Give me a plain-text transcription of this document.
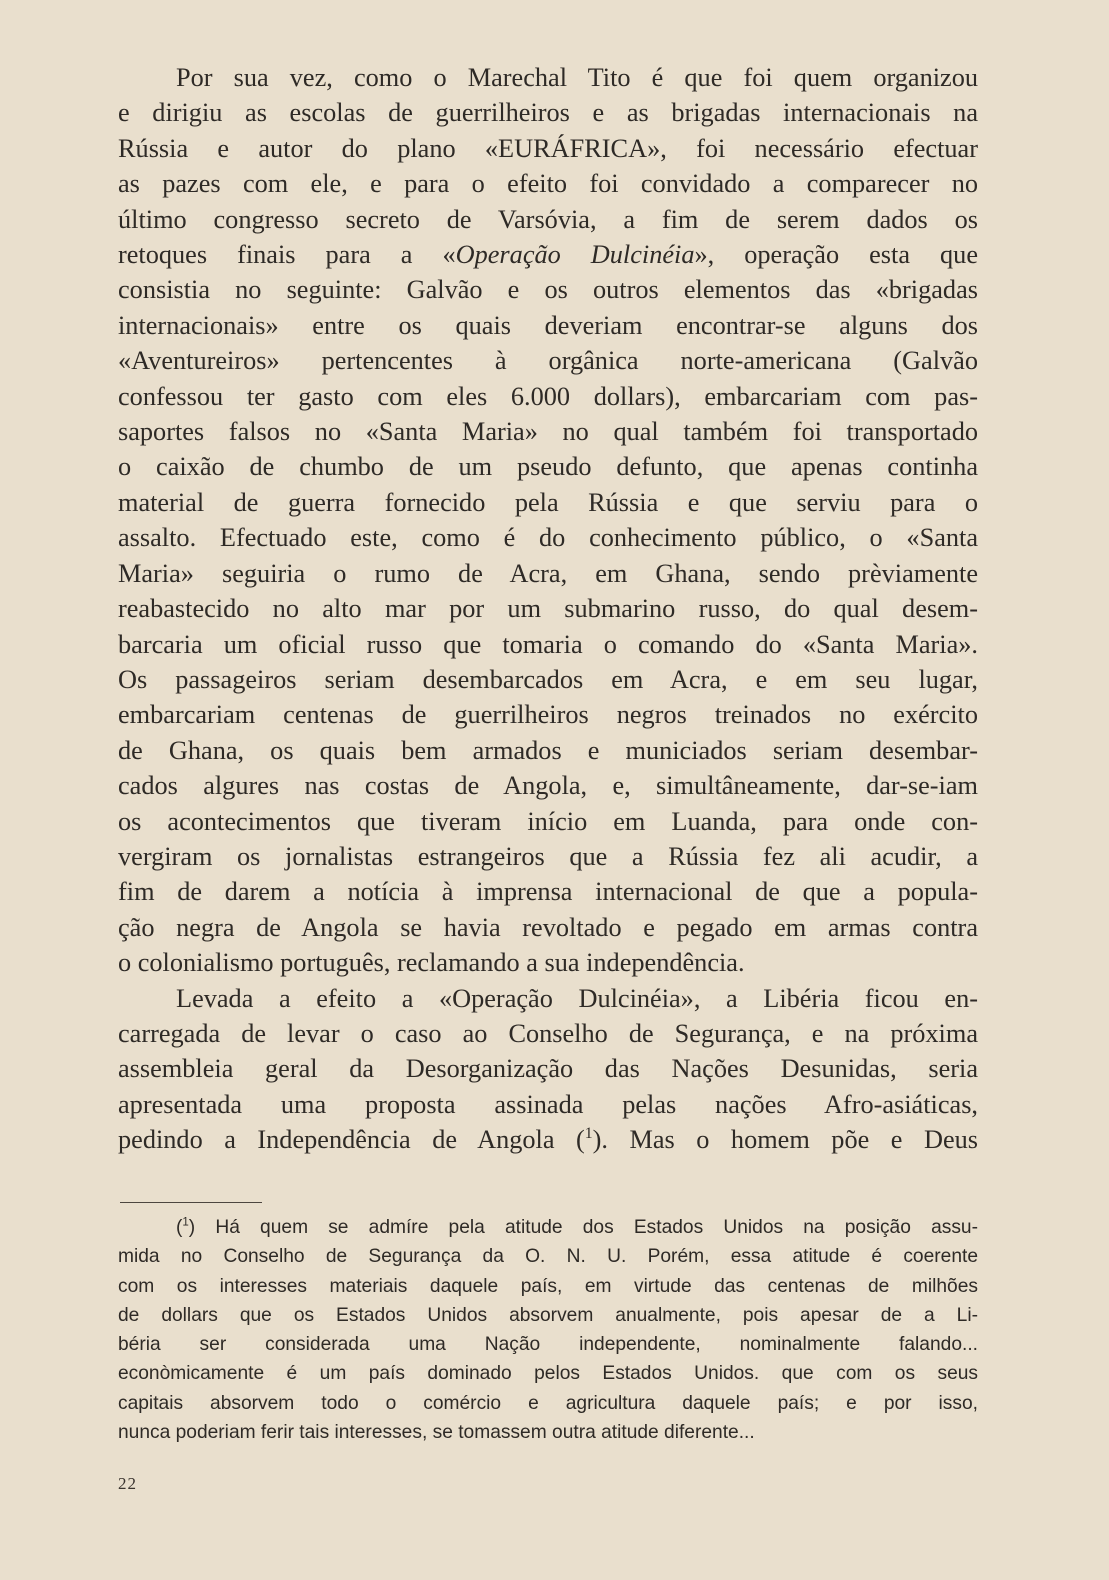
Por sua vez, como o Marechal Tito é que foi quem organizou
e dirigiu as escolas de guerrilheiros e as brigadas internacionais na
Rússia e autor do plano «EURÁFRICA», foi necessário efectuar
as pazes com ele, e para o efeito foi convidado a comparecer no
último congresso secreto de Varsóvia, a fim de serem dados os
retoques finais para a «Operação Dulcinéia», operação esta que
consistia no seguinte: Galvão e os outros elementos das «brigadas
internacionais» entre os quais deveriam encontrar-se alguns dos
«Aventureiros» pertencentes à orgânica norte-americana (Galvão
confessou ter gasto com eles 6.000 dollars), embarcariam com pas-
saportes falsos no «Santa Maria» no qual também foi transportado
o caixão de chumbo de um pseudo defunto, que apenas continha
material de guerra fornecido pela Rússia e que serviu para o
assalto. Efectuado este, como é do conhecimento público, o «Santa
Maria» seguiria o rumo de Acra, em Ghana, sendo prèviamente
reabastecido no alto mar por um submarino russo, do qual desem-
barcaria um oficial russo que tomaria o comando do «Santa Maria».
Os passageiros seriam desembarcados em Acra, e em seu lugar,
embarcariam centenas de guerrilheiros negros treinados no exército
de Ghana, os quais bem armados e municiados seriam desembar-
cados algures nas costas de Angola, e, simultâneamente, dar-se-iam
os acontecimentos que tiveram início em Luanda, para onde con-
vergiram os jornalistas estrangeiros que a Rússia fez ali acudir, a
fim de darem a notícia à imprensa internacional de que a popula-
ção negra de Angola se havia revoltado e pegado em armas contra
o colonialismo português, reclamando a sua independência.
Levada a efeito a «Operação Dulcinéia», a Libéria ficou en-
carregada de levar o caso ao Conselho de Segurança, e na próxima
assembleia geral da Desorganização das Nações Desunidas, seria
apresentada uma proposta assinada pelas nações Afro-asiáticas,
pedindo a Independência de Angola ($^1$). Mas o homem põe e Deus
($^1$) Há quem se admíre pela atitude dos Estados Unidos na posição assu-
mida no Conselho de Segurança da O. N. U. Porém, essa atitude é coerente
com os interesses materiais daquele país, em virtude das centenas de milhões
de dollars que os Estados Unidos absorvem anualmente, pois apesar de a Li-
béria ser considerada uma Nação independente, nominalmente falando...
econòmicamente é um país dominado pelos Estados Unidos. que com os seus
capitais absorvem todo o comércio e agricultura daquele país; e por isso,
nunca poderiam ferir tais interesses, se tomassem outra atitude diferente...
22
